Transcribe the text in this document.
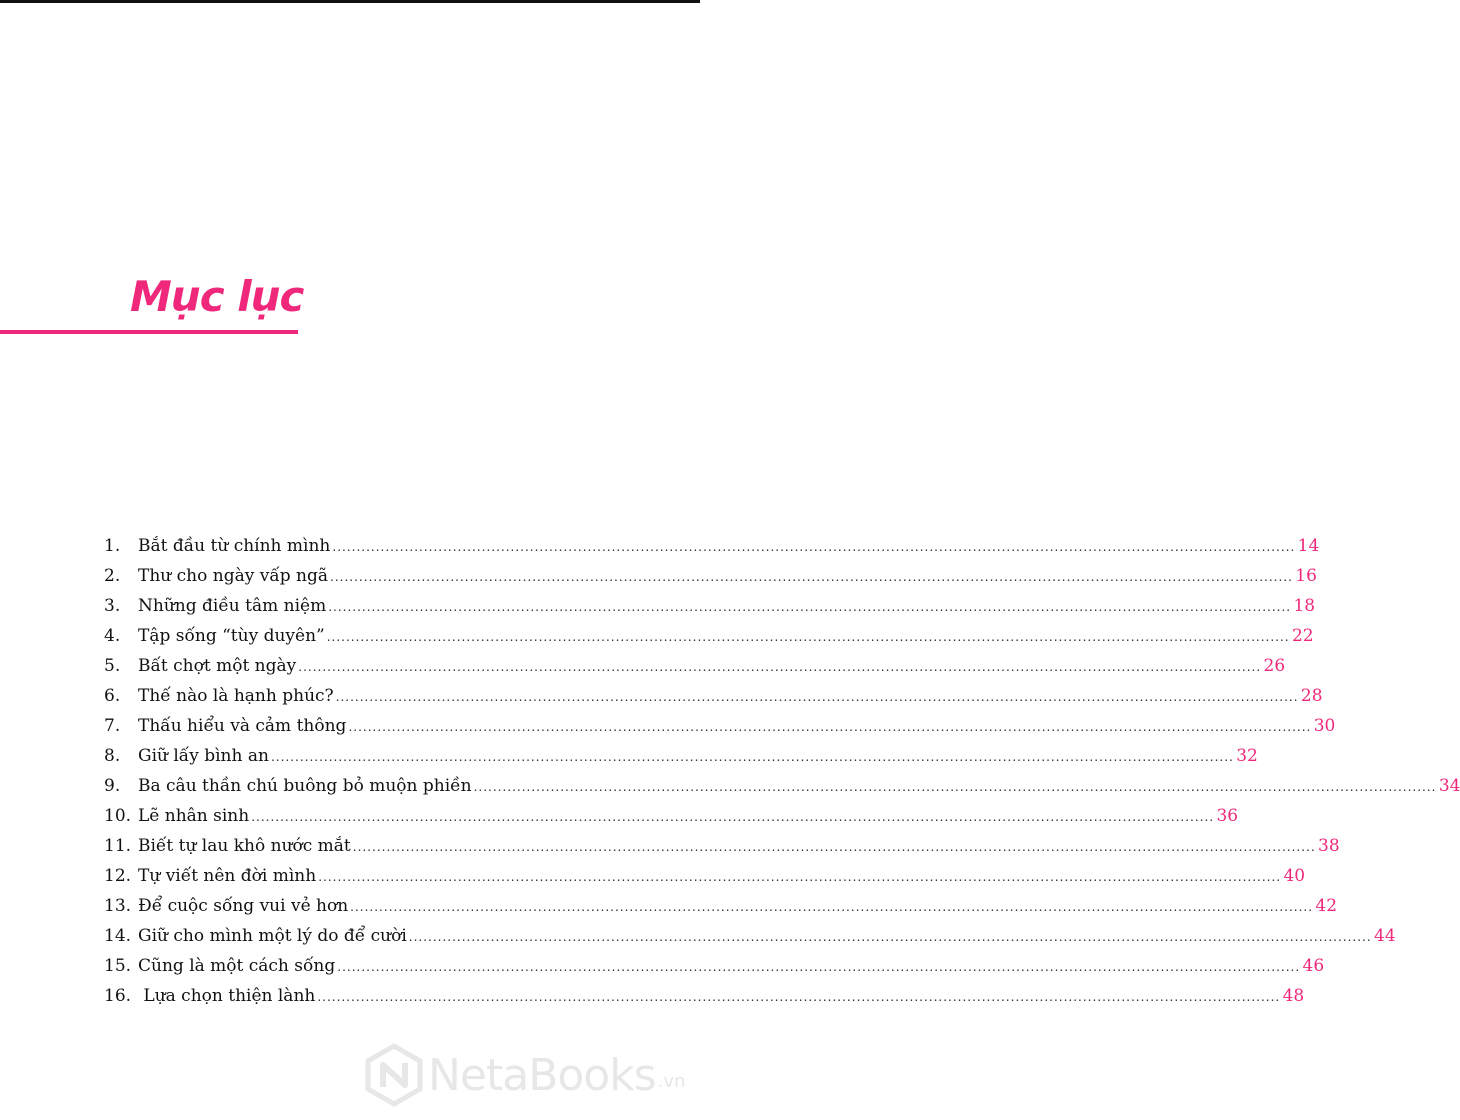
Mục lục
1.	Bắt đầu từ chính mình ........................................................................................................................................................................................................ 14
2.	Thư cho ngày vấp ngã ........................................................................................................................................................................................................ 16
3.	Những điều tâm niệm ........................................................................................................................................................................................................ 18
4.	Tập sống “tùy duyên” ........................................................................................................................................................................................................ 22
5.	Bất chợt một ngày ........................................................................................................................................................................................................ 26
6.	Thế nào là hạnh phúc? ........................................................................................................................................................................................................ 28
7.	Thấu hiểu và cảm thông ........................................................................................................................................................................................................ 30
8.	Giữ lấy bình an ........................................................................................................................................................................................................ 32
9.	Ba câu thần chú buông bỏ muộn phiền ........................................................................................................................................................................................................ 34
10. Lẽ nhân sinh ........................................................................................................................................................................................................ 36
11. Biết tự lau khô nước mắt ........................................................................................................................................................................................................ 38
12. Tự viết nên đời mình ........................................................................................................................................................................................................ 40
13. Để cuộc sống vui vẻ hơn ........................................................................................................................................................................................................ 42
14. Giữ cho mình một lý do để cười ........................................................................................................................................................................................................ 44
15. Cũng là một cách sống ........................................................................................................................................................................................................ 46
16. Lựa chọn thiện lành ........................................................................................................................................................................................................ 48
NetaBooks .vn
